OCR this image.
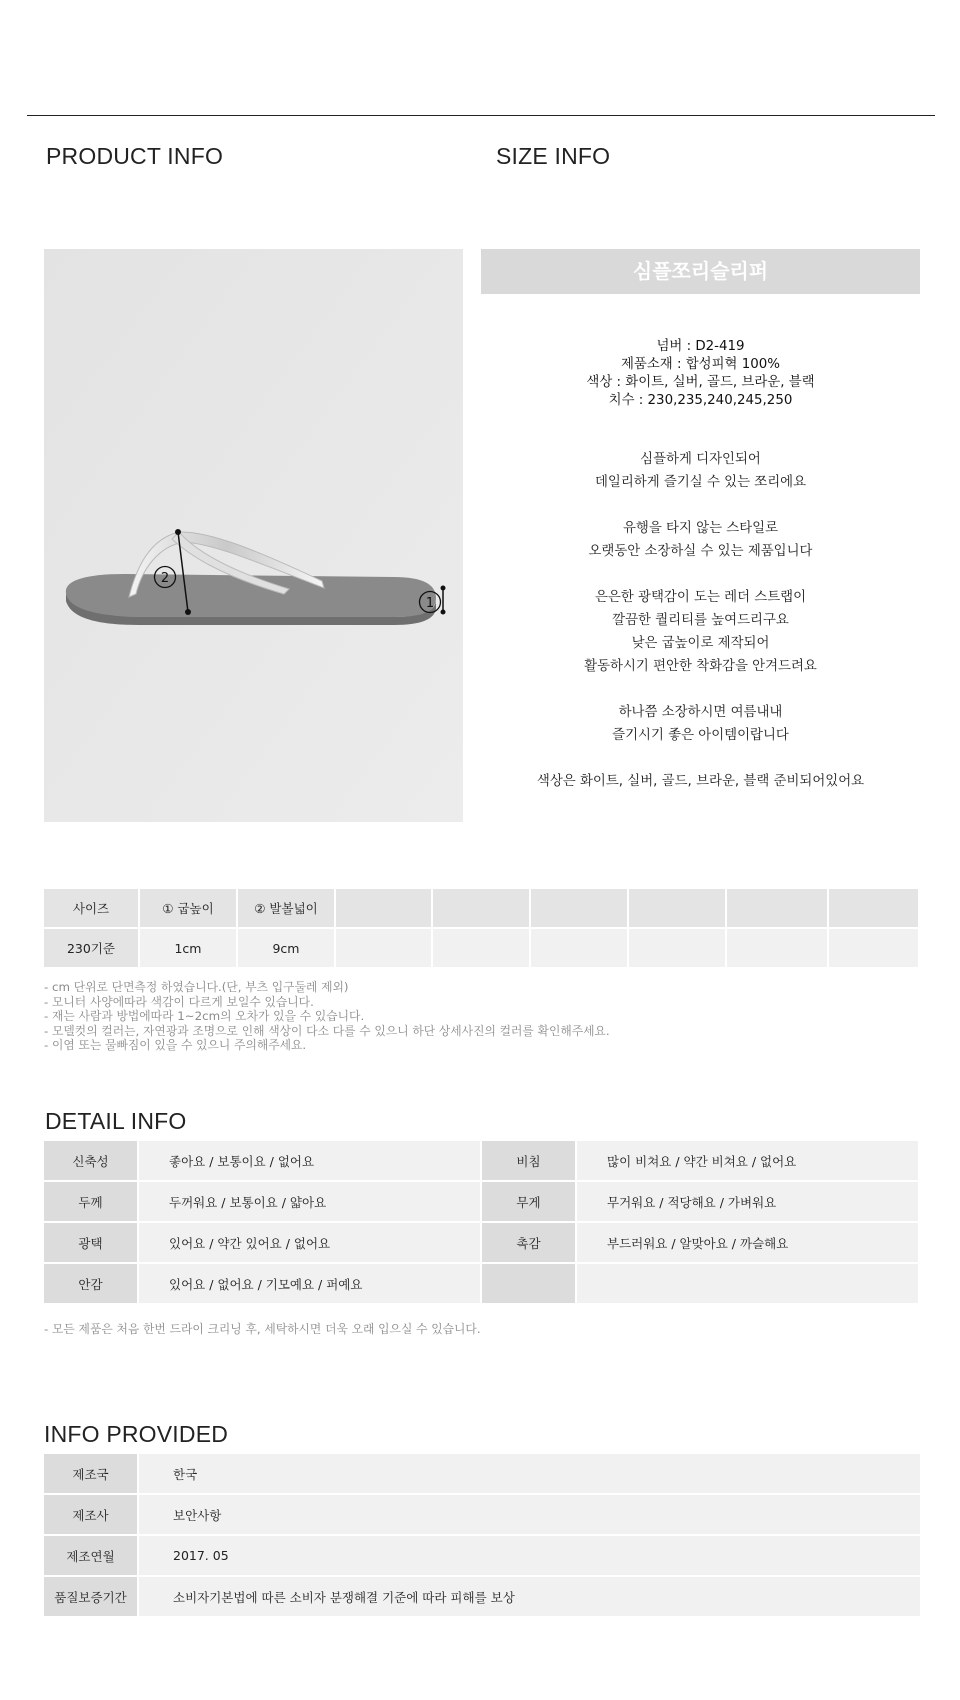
PRODUCT INFO	SIZE INFO
2
1
심플쪼리슬리퍼
넘버 : D2-419
제품소재 : 합성피혁 100%
색상 : 화이트, 실버, 골드, 브라운, 블랙
치수 : 230,235,240,245,250
심플하게 디자인되어
데일리하게 즐기실 수 있는 쪼리에요
유행을 타지 않는 스타일로
오랫동안 소장하실 수 있는 제품입니다
은은한 광택감이 도는 레더 스트랩이
깔끔한 퀄리티를 높여드리구요
낮은 굽높이로 제작되어
활동하시기 편안한 착화감을 안겨드려요
하나쯤 소장하시면 여름내내
즐기시기 좋은 아이템이랍니다
색상은 화이트, 실버, 골드, 브라운, 블랙 준비되어있어요
사이즈	① 굽높이	② 발볼넓이						
230기준	1cm	9cm						
- cm 단위로 단면측정 하였습니다.(단, 부츠 입구둘레 제외)
- 모니터 사양에따라 색감이 다르게 보일수 있습니다.
- 재는 사람과 방법에따라 1~2cm의 오차가 있을 수 있습니다.
- 모델컷의 컬러는, 자연광과 조명으로 인해 색상이 다소 다를 수 있으니 하단 상세사진의 컬러를 확인해주세요.
- 이염 또는 물빠짐이 있을 수 있으니 주의해주세요.
DETAIL INFO
신축성	좋아요 / 보통이요 / 없어요	비침	많이 비쳐요 / 약간 비쳐요 / 없어요
두께	두꺼워요 / 보통이요 / 얇아요	무게	무거워요 / 적당해요 / 가벼워요
광택	있어요 / 약간 있어요 / 없어요	촉감	부드러워요 / 알맞아요 / 까슬해요
안감	있어요 / 없어요 / 기모예요 / 퍼예요		
- 모든 제품은 처음 한번 드라이 크리닝 후, 세탁하시면 더욱 오래 입으실 수 있습니다.
INFO PROVIDED
제조국	한국
제조사	보안사항
제조연월	2017. 05
품질보증기간	소비자기본법에 따른 소비자 분쟁해결 기준에 따라 피해를 보상
